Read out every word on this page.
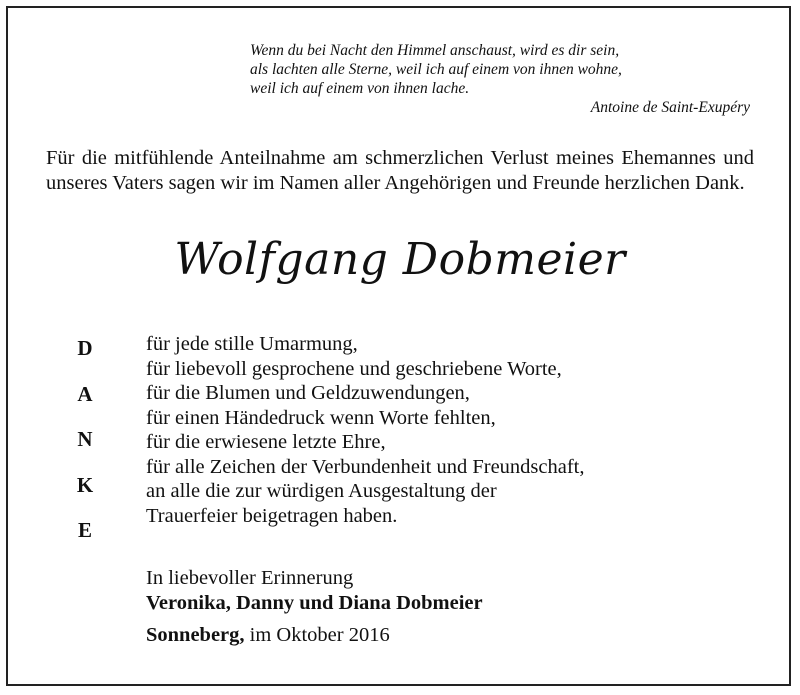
Wenn du bei Nacht den Himmel anschaust, wird es dir sein,
als lachten alle Sterne, weil ich auf einem von ihnen wohne,
weil ich auf einem von ihnen lache.
Antoine de Saint-Exupéry
Für die mitfühlende Anteilnahme am schmerzlichen Verlust meines Ehemannes und unseres Vaters sagen wir im Namen aller Angehörigen und Freunde herzlichen Dank.
Wolfgang Dobmeier
D
A
N
K
E
für jede stille Umarmung,
für liebevoll gesprochene und geschriebene Worte,
für die Blumen und Geldzuwendungen,
für einen Händedruck wenn Worte fehlten,
für die erwiesene letzte Ehre,
für alle Zeichen der Verbundenheit und Freundschaft,
an alle die zur würdigen Ausgestaltung der
Trauerfeier beigetragen haben.
In liebevoller Erinnerung
Veronika, Danny und Diana Dobmeier
Sonneberg, im Oktober 2016
